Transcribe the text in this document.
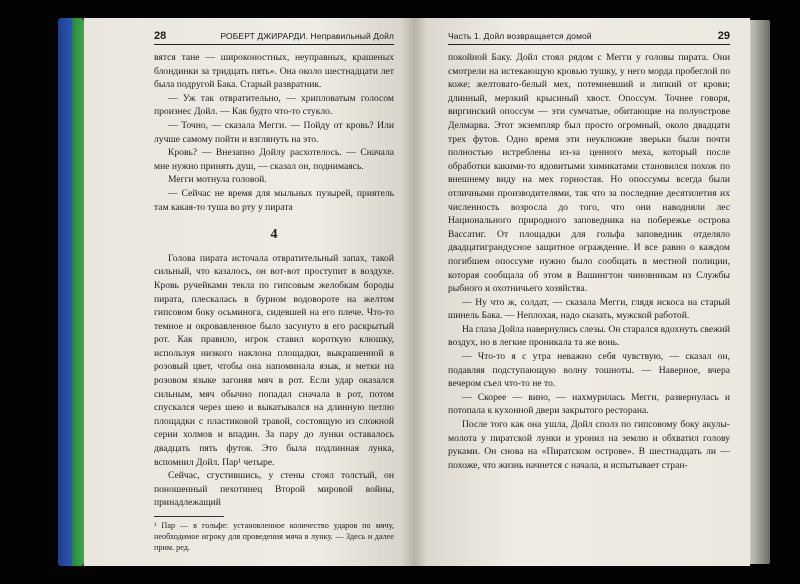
28	РОБЕРТ ДЖИРАРДИ. Неправильный Дойл

вятся тане — широконостных, неуправных, крашеных блондинки за тридцать пять». Она около шестнадцати лет была подругой Бака. Старый развратник.

— Уж так отвратительно, — хрипловатым голосом произнес Дойл. — Как будто что-то стукло.

— Точно, — сказала Мегги. — Пойду от кровь? Или лучше самому пойти и взглянуть на это.

Кровь? — Внезапно Дойлу расхотелось. — Сначала мне нужно принять душ, — сказал он, поднимаясь.

Мегги мотнула головой.

— Сейчас не время для мыльных пузырей, приятель там какая-то туша во рту у пирата

4

Голова пирата источала отвратительный запах, такой сильный, что казалось, он вот-вот проступит в воздухе. Кровь ручейками текла по гипсовым желобкам бороды пирата, плескалась в бурном водовороте на желтом гипсовом боку осьминога, сидевшей на его плече. Что-то темное и окровавленное было засунуто в его раскрытый рот. Как правило, игрок ставил короткую клюшку, используя низкого наклона площадки, выкрашенной в розовый цвет, чтобы она напоминала язык, и метки на розовом языке загоняя мяч в рот. Если удар оказался сильным, мяч обычно попадал сначала в рот, потом спускался через шею и выкатывался на длинную петлю площадки с пластиковой травой, состоящую из сложной серии холмов и впадин. За пару до лунки оставалось двадцать пять футов. Это была подлинная лунка, вспомнил Дойл. Пар¹ четыре.

Сейчас, сгустившись, у стены стоял толстый, он поношенный пехотинец Второй мировой войны, принадлежащий

¹ Пар — в гольфе: установленное количество ударов по мячу, необходимое игроку для проведения мяча в лунку. — Здесь и далее прим. ред.
Часть 1. Дойл возвращается домой	29

покойной Баку. Дойл стоял рядом с Мегги у головы пирата. Они смотрели на истекающую кровью тушку, у него морда пробеглой по коже; желтовато-белый мех, потемневший и липкий от крови; длинный, мерзкий крысиный хвост. Опоссум. Точнее говоря, виргинский опоссум — эти сумчатые, обитающие на полуострове Делмарва. Этот экземпляр был просто огромный, около двадцати трех футов. Одно время эти неуклюжие зверьки были почти полностью истреблены из-за ценного меха, который после обработки какими-то ядовитыми химикатами становился похож по внешнему виду на мех горностая. Но опоссумы всегда были отличными производителями, так что за последние десятилетия их численность возросла до того, что они наводняли лес Национального природного заповедника на побережье острова Вассатиг. От площадки для гольфа заповедник отделяло двадцатиграндусное защитное ограждение. И все равно о каждом погибшем опоссуме нужно было сообщать в местной полиции, которая сообщала об этом в Вашингтон чиновникам из Службы рыбного и охотничьего хозяйства.

— Ну что ж, солдат, — сказала Мегги, глядя искоса на старый шинель Бака. — Неплохая, надо сказать, мужской работой.

На глаза Дойла навернулись слезы. Он старался вдохнуть свежий воздух, но в легкие проникала та же вонь.

— Что-то я с утра неважно себя чувствую, — сказал он, подавляя подступающую волну тошноты. — Наверное, вчера вечером съел что-то не то.

— Скорее — вино, — нахмурилась Мегги, развернулась и потопала к кухонной двери закрытого ресторана.

После того как она ушла, Дойл сполз по гипсовому боку акулы-молота у пиратской лунки и уронил на землю и обхватил голову руками. Он снова на «Пиратском острове». В шестнадцать ли — похоже, что жизнь начнется с начала, и испытывает стран-
